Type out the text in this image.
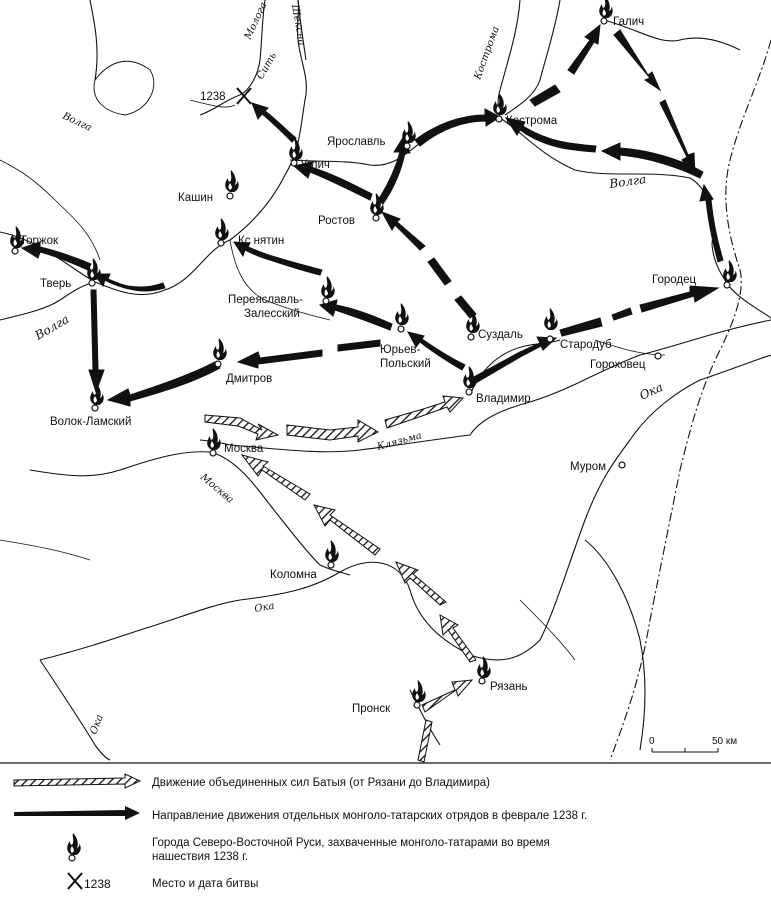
1238
Галич
Кострома
Ярославль
Углич
Кашин
Ростов
Кс нятин
Торжок
Тверь
Переяславль-
Залесский
Юрьев-
Польский
Суздаль
Стародуб
Городец
Гороховец
Дмитров
Волок-Ламский
Владимир
Москва
Муром
Коломна
Рязань
Пронск
Волга
Волга
Волга
Молога
Сить
Шексна
Кострома
Клязьма
Москва
Ока
Ока
Ока
0	50 км
Движение объединенных сил Батыя (от Рязани до Владимира)
Направление движения отдельных монголо-татарских отрядов в феврале 1238 г.
Города Северо-Восточной Руси, захваченные монголо-татарами во время
нашествия 1238 г.
1238	Место и дата битвы
